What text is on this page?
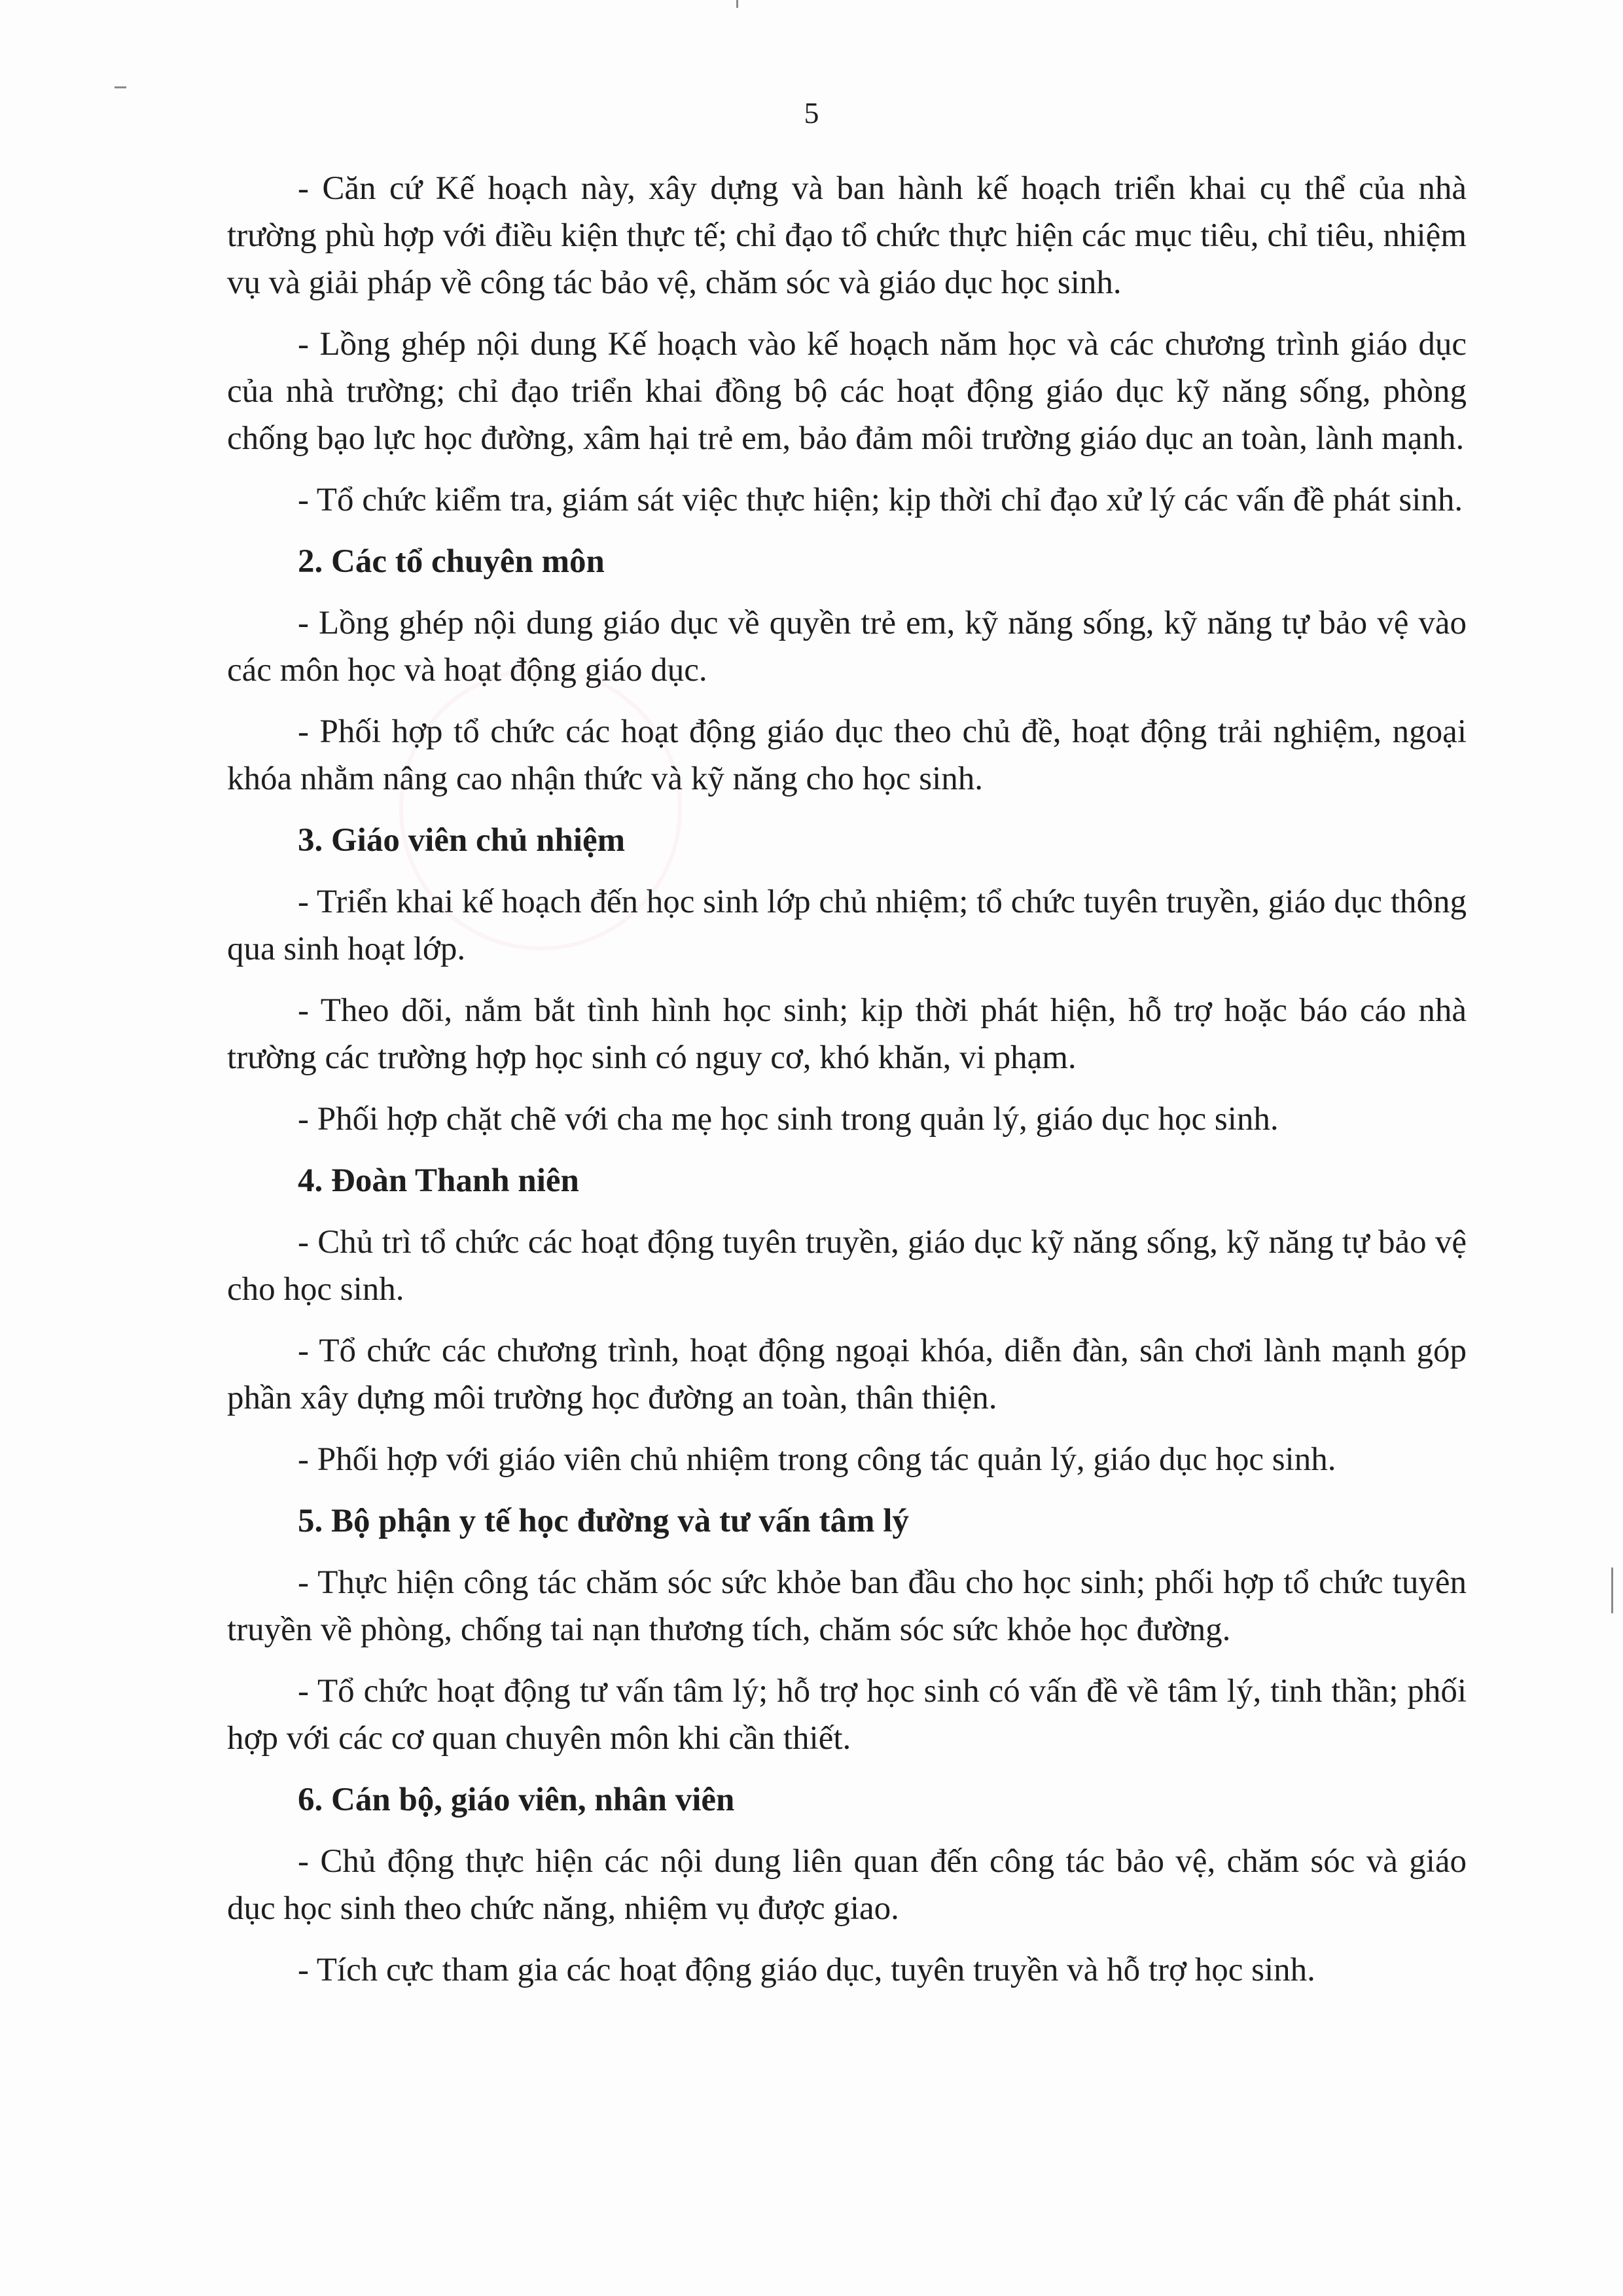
5

- Căn cứ Kế hoạch này, xây dựng và ban hành kế hoạch triển khai cụ thể của nhà trường phù hợp với điều kiện thực tế; chỉ đạo tổ chức thực hiện các mục tiêu, chỉ tiêu, nhiệm vụ và giải pháp về công tác bảo vệ, chăm sóc và giáo dục học sinh.

- Lồng ghép nội dung Kế hoạch vào kế hoạch năm học và các chương trình giáo dục của nhà trường; chỉ đạo triển khai đồng bộ các hoạt động giáo dục kỹ năng sống, phòng chống bạo lực học đường, xâm hại trẻ em, bảo đảm môi trường giáo dục an toàn, lành mạnh.

- Tổ chức kiểm tra, giám sát việc thực hiện; kịp thời chỉ đạo xử lý các vấn đề phát sinh.

2. Các tổ chuyên môn

- Lồng ghép nội dung giáo dục về quyền trẻ em, kỹ năng sống, kỹ năng tự bảo vệ vào các môn học và hoạt động giáo dục.

- Phối hợp tổ chức các hoạt động giáo dục theo chủ đề, hoạt động trải nghiệm, ngoại khóa nhằm nâng cao nhận thức và kỹ năng cho học sinh.

3. Giáo viên chủ nhiệm

- Triển khai kế hoạch đến học sinh lớp chủ nhiệm; tổ chức tuyên truyền, giáo dục thông qua sinh hoạt lớp.

- Theo dõi, nắm bắt tình hình học sinh; kịp thời phát hiện, hỗ trợ hoặc báo cáo nhà trường các trường hợp học sinh có nguy cơ, khó khăn, vi phạm.

- Phối hợp chặt chẽ với cha mẹ học sinh trong quản lý, giáo dục học sinh.

4. Đoàn Thanh niên

- Chủ trì tổ chức các hoạt động tuyên truyền, giáo dục kỹ năng sống, kỹ năng tự bảo vệ cho học sinh.

- Tổ chức các chương trình, hoạt động ngoại khóa, diễn đàn, sân chơi lành mạnh góp phần xây dựng môi trường học đường an toàn, thân thiện.

- Phối hợp với giáo viên chủ nhiệm trong công tác quản lý, giáo dục học sinh.

5. Bộ phận y tế học đường và tư vấn tâm lý

- Thực hiện công tác chăm sóc sức khỏe ban đầu cho học sinh; phối hợp tổ chức tuyên truyền về phòng, chống tai nạn thương tích, chăm sóc sức khỏe học đường.

- Tổ chức hoạt động tư vấn tâm lý; hỗ trợ học sinh có vấn đề về tâm lý, tinh thần; phối hợp với các cơ quan chuyên môn khi cần thiết.

6. Cán bộ, giáo viên, nhân viên

- Chủ động thực hiện các nội dung liên quan đến công tác bảo vệ, chăm sóc và giáo dục học sinh theo chức năng, nhiệm vụ được giao.

- Tích cực tham gia các hoạt động giáo dục, tuyên truyền và hỗ trợ học sinh.
